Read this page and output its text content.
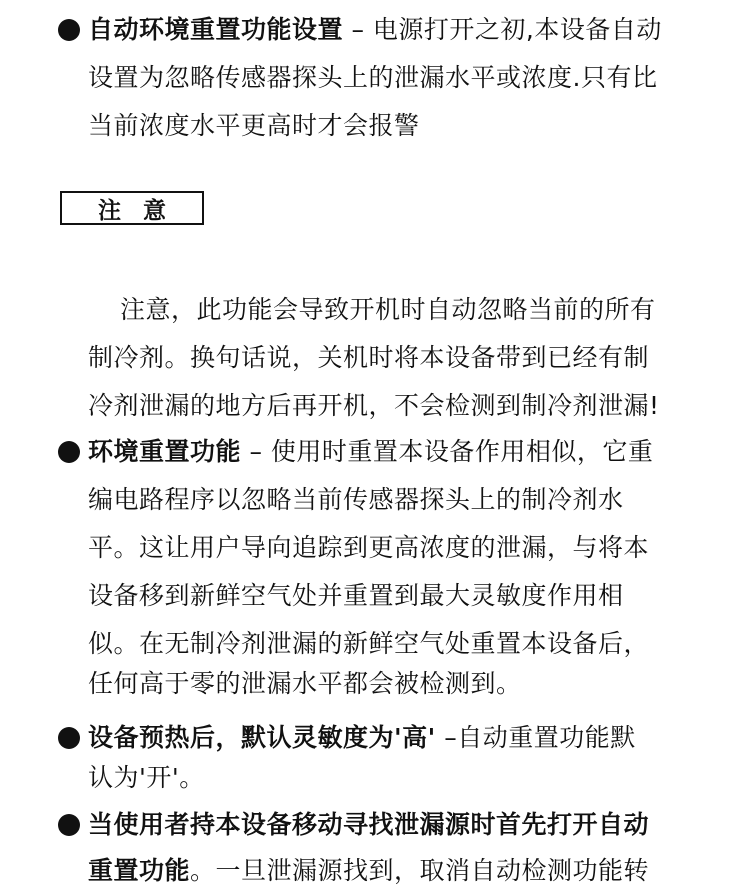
自动环境重置功能设置 – 电源打开之初,本设备自动
设置为忽略传感器探头上的泄漏水平或浓度.只有比
当前浓度水平更高时才会报警
注意
注意，此功能会导致开机时自动忽略当前的所有
制冷剂。换句话说，关机时将本设备带到已经有制
冷剂泄漏的地方后再开机，不会检测到制冷剂泄漏!
环境重置功能 – 使用时重置本设备作用相似，它重
编电路程序以忽略当前传感器探头上的制冷剂水
平。这让用户导向追踪到更高浓度的泄漏，与将本
设备移到新鲜空气处并重置到最大灵敏度作用相
似。在无制冷剂泄漏的新鲜空气处重置本设备后，
任何高于零的泄漏水平都会被检测到。
设备预热后，默认灵敏度为'高' –自动重置功能默
认为'开'。
当使用者持本设备移动寻找泄漏源时首先打开自动
重置功能。一旦泄漏源找到，取消自动检测功能转
